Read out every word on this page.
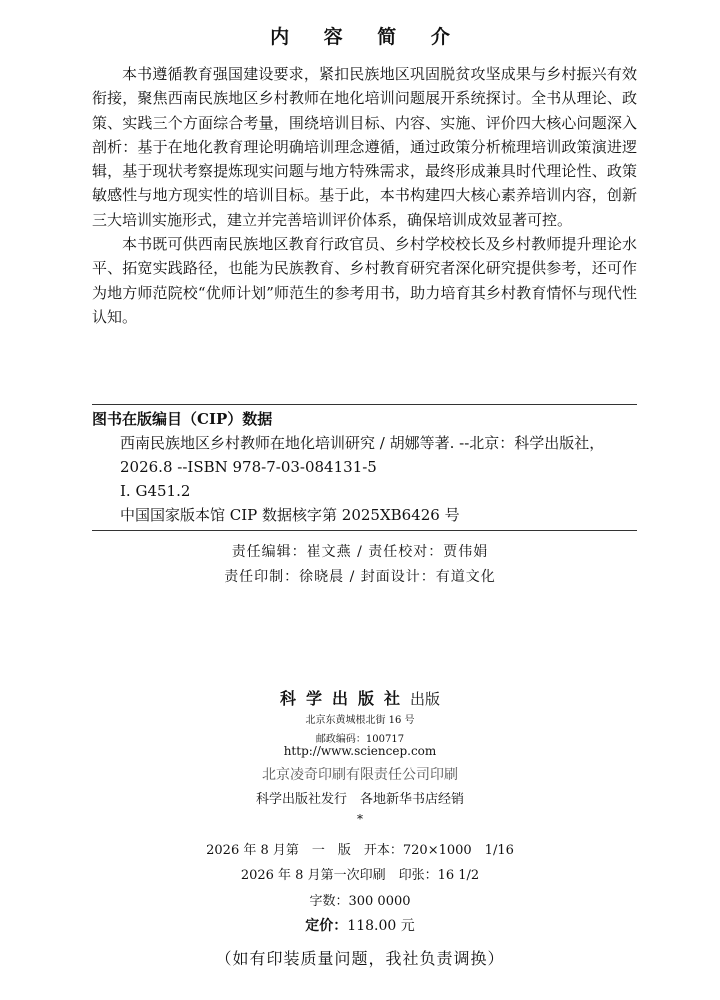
内 容 简 介

本书遵循教育强国建设要求，紧扣民族地区巩固脱贫攻坚成果与乡村振兴有效衔接，聚焦西南民族地区乡村教师在地化培训问题展开系统探讨。全书从理论、政策、实践三个方面综合考量，围绕培训目标、内容、实施、评价四大核心问题深入剖析：基于在地化教育理论明确培训理念遵循，通过政策分析梳理培训政策演进逻辑，基于现状考察提炼现实问题与地方特殊需求，最终形成兼具时代理论性、政策敏感性与地方现实性的培训目标。基于此，本书构建四大核心素养培训内容，创新三大培训实施形式，建立并完善培训评价体系，确保培训成效显著可控。

本书既可供西南民族地区教育行政官员、乡村学校校长及乡村教师提升理论水平、拓宽实践路径，也能为民族教育、乡村教育研究者深化研究提供参考，还可作为地方师范院校“优师计划”师范生的参考用书，助力培育其乡村教育情怀与现代性认知。

图书在版编目（CIP）数据
西南民族地区乡村教师在地化培训研究 / 胡娜等著. --北京：科学出版社，2026.8 --ISBN 978-7-03-084131-5
Ⅰ. G451.2
中国国家版本馆 CIP 数据核字第 2025XB6426 号
责任编辑：崔文燕 / 责任校对：贾伟娟
责任印制：徐晓晨 / 封面设计：有道文化
科学出版社出版
北京东黄城根北街 16 号
邮政编码：100717
http://www.sciencep.com
北京凌奇印刷有限责任公司印刷
科学出版社发行　各地新华书店经销
*
2026 年 8 月第　一　版　开本：720×1000　1/16
2026 年 8 月第一次印刷　印张：16 1/2
字数：300 0000
定价：118.00 元
（如有印装质量问题，我社负责调换）
